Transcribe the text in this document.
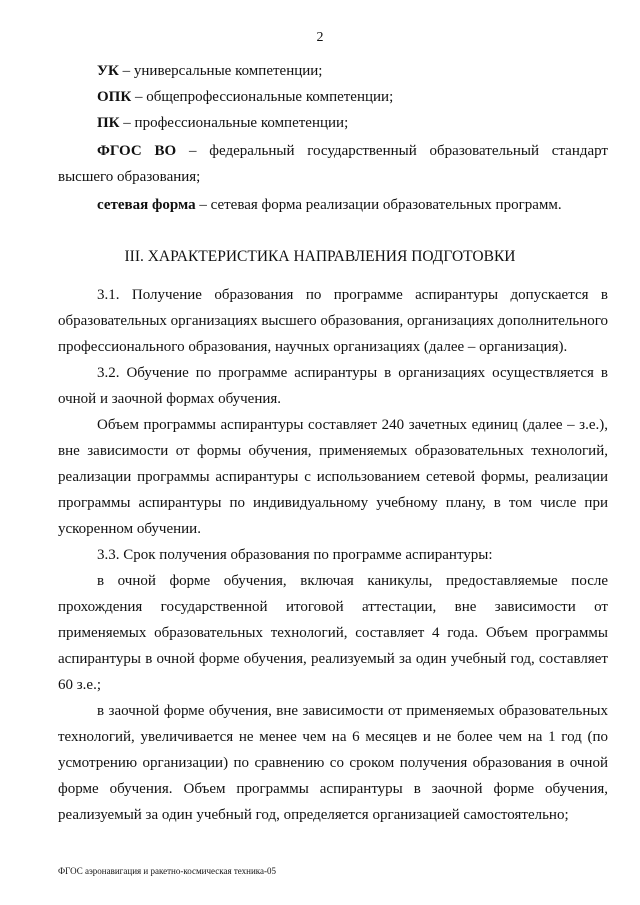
2
УК – универсальные компетенции;
ОПК – общепрофессиональные компетенции;
ПК – профессиональные компетенции;
ФГОС ВО – федеральный государственный образовательный стандарт высшего образования;
сетевая форма – сетевая форма реализации образовательных программ.
III. ХАРАКТЕРИСТИКА НАПРАВЛЕНИЯ ПОДГОТОВКИ

3.1. Получение образования по программе аспирантуры допускается в образовательных организациях высшего образования, организациях дополнительного профессионального образования, научных организациях (далее – организация).

3.2. Обучение по программе аспирантуры в организациях осуществляется в очной и заочной формах обучения.

Объем программы аспирантуры составляет 240 зачетных единиц (далее – з.е.), вне зависимости от формы обучения, применяемых образовательных технологий, реализации программы аспирантуры с использованием сетевой формы, реализации программы аспирантуры по индивидуальному учебному плану, в том числе при ускоренном обучении.

3.3. Срок получения образования по программе аспирантуры:

в очной форме обучения, включая каникулы, предоставляемые после прохождения государственной итоговой аттестации, вне зависимости от применяемых образовательных технологий, составляет 4 года. Объем программы аспирантуры в очной форме обучения, реализуемый за один учебный год, составляет 60 з.е.;

в заочной форме обучения, вне зависимости от применяемых образовательных технологий, увеличивается не менее чем на 6 месяцев и не более чем на 1 год (по усмотрению организации) по сравнению со сроком получения образования в очной форме обучения. Объем программы аспирантуры в заочной форме обучения, реализуемый за один учебный год, определяется организацией самостоятельно;

ФГОС аэронавигация и ракетно-космическая техника-05
